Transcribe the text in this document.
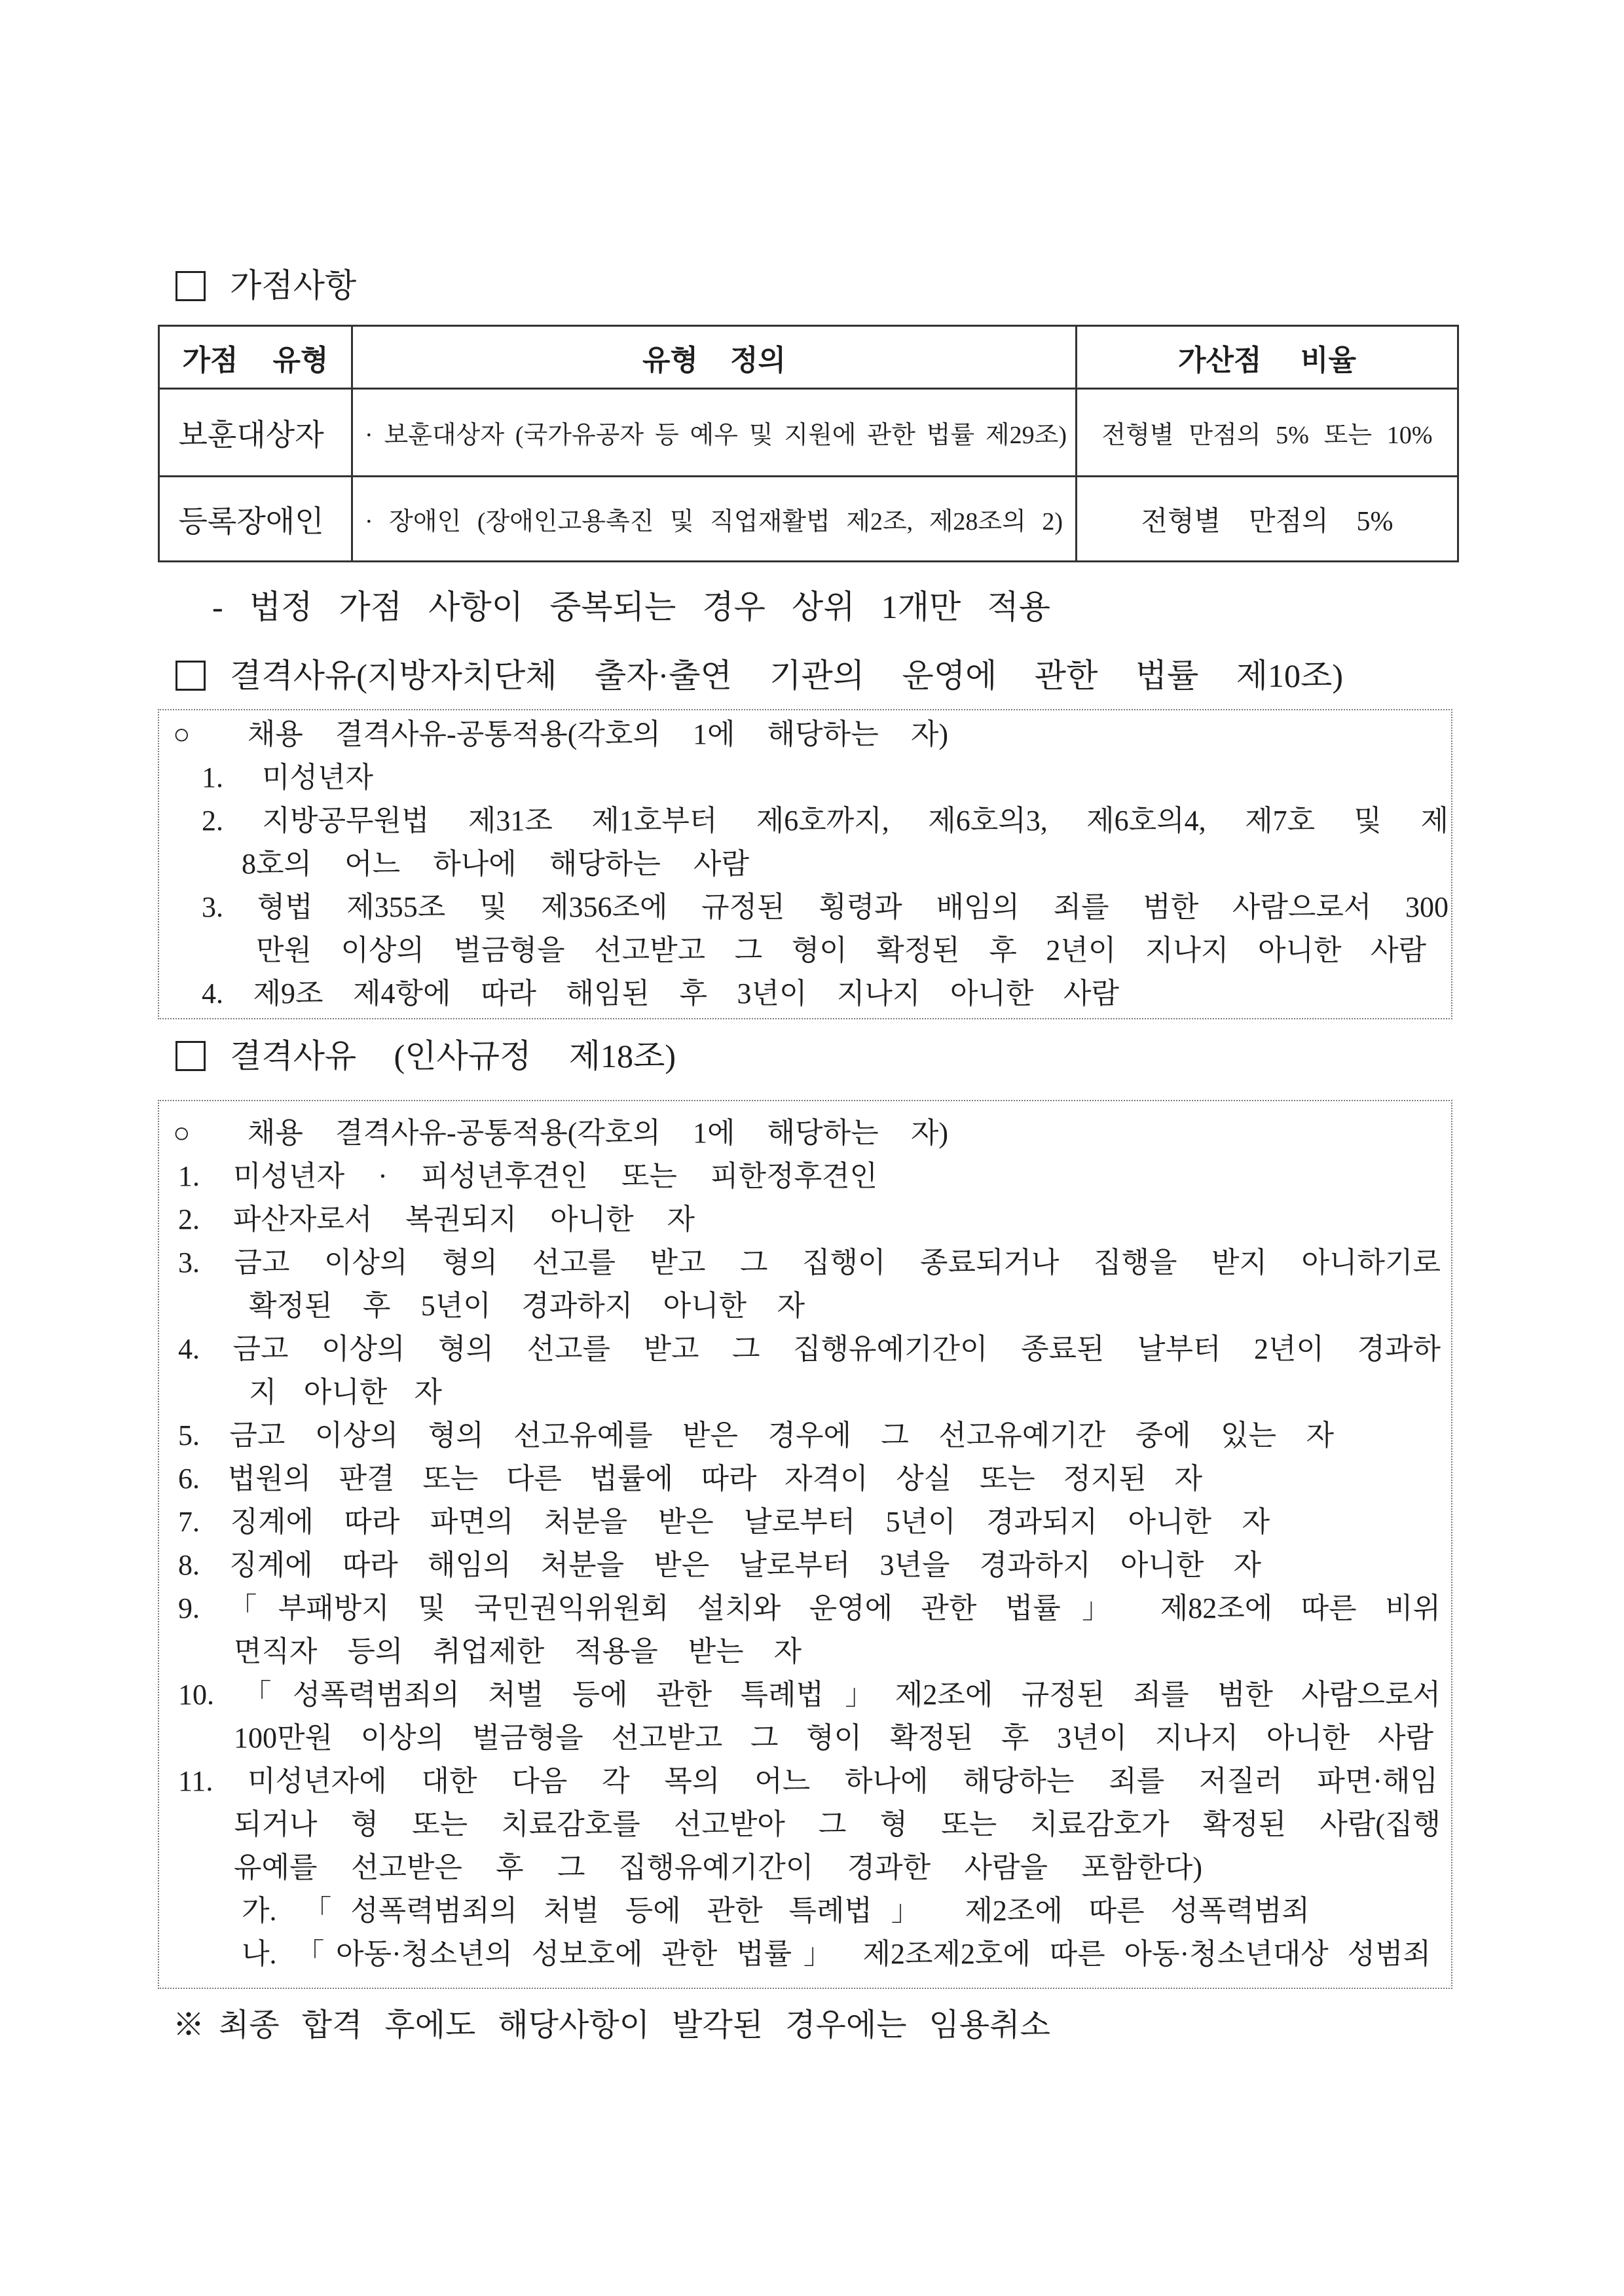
가점사항
가점 유형	유형 정의	가산점 비율
보훈대상자	· 보훈대상자 (국가유공자 등 예우 및 지원에 관한 법률 제29조)	전형별 만점의 5% 또는 10%
등록장애인	· 장애인 (장애인고용촉진 및 직업재활법 제2조, 제28조의 2)	전형별 만점의 5%
- 법정 가점 사항이 중복되는 경우 상위 1개만 적용
결격사유(지방자치단체 출자·출연 기관의 운영에 관한 법률 제10조)
○ 채용 결격사유-공통적용(각호의 1에 해당하는 자)
1. 미성년자
2. 지방공무원법 제31조 제1호부터 제6호까지, 제6호의3, 제6호의4, 제7호 및 제
8호의 어느 하나에 해당하는 사람
3. 형법 제355조 및 제356조에 규정된 횡령과 배임의 죄를 범한 사람으로서 300
만원 이상의 벌금형을 선고받고 그 형이 확정된 후 2년이 지나지 아니한 사람
4. 제9조 제4항에 따라 해임된 후 3년이 지나지 아니한 사람
결격사유 (인사규정 제18조)
○ 채용 결격사유-공통적용(각호의 1에 해당하는 자)
1. 미성년자 · 피성년후견인 또는 피한정후견인
2. 파산자로서 복권되지 아니한 자
3. 금고 이상의 형의 선고를 받고 그 집행이 종료되거나 집행을 받지 아니하기로
확정된 후 5년이 경과하지 아니한 자
4. 금고 이상의 형의 선고를 받고 그 집행유예기간이 종료된 날부터 2년이 경과하
지 아니한 자
5. 금고 이상의 형의 선고유예를 받은 경우에 그 선고유예기간 중에 있는 자
6. 법원의 판결 또는 다른 법률에 따라 자격이 상실 또는 정지된 자
7. 징계에 따라 파면의 처분을 받은 날로부터 5년이 경과되지 아니한 자
8. 징계에 따라 해임의 처분을 받은 날로부터 3년을 경과하지 아니한 자
9. 「부패방지 및 국민권익위원회 설치와 운영에 관한 법률」 제82조에 따른 비위
면직자 등의 취업제한 적용을 받는 자
10. 「성폭력범죄의 처벌 등에 관한 특례법」제2조에 규정된 죄를 범한 사람으로서
100만원 이상의 벌금형을 선고받고 그 형이 확정된 후 3년이 지나지 아니한 사람
11. 미성년자에 대한 다음 각 목의 어느 하나에 해당하는 죄를 저질러 파면·해임
되거나 형 또는 치료감호를 선고받아 그 형 또는 치료감호가 확정된 사람(집행
유예를 선고받은 후 그 집행유예기간이 경과한 사람을 포함한다)
가. 「성폭력범죄의 처벌 등에 관한 특례법」 제2조에 따른 성폭력범죄
나. 「아동·청소년의 성보호에 관한 법률」 제2조제2호에 따른 아동·청소년대상 성범죄
※최종 합격 후에도 해당사항이 발각된 경우에는 임용취소
